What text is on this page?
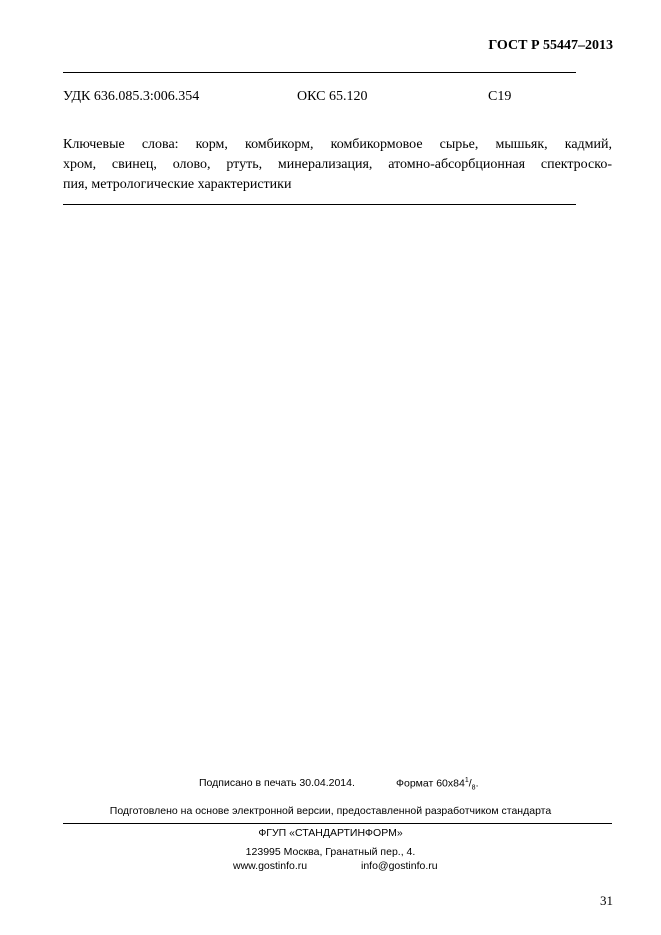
ГОСТ Р 55447–2013
УДК 636.085.3:006.354	ОКС 65.120	С19
Ключевые слова: корм, комбикорм, комбикормовое сырье, мышьяк, кадмий,
хром, свинец, олово, ртуть, минерализация, атомно-абсорбционная спектроско-
пия, метрологические характеристики
Подписано в печать 30.04.2014.	Формат $60х84^1/_8$.
Подготовлено на основе электронной версии, предоставленной разработчиком стандарта
ФГУП «СТАНДАРТИНФОРМ»
123995 Москва, Гранатный пер., 4.
www.gostinfo.ru	info@gostinfo.ru
31
